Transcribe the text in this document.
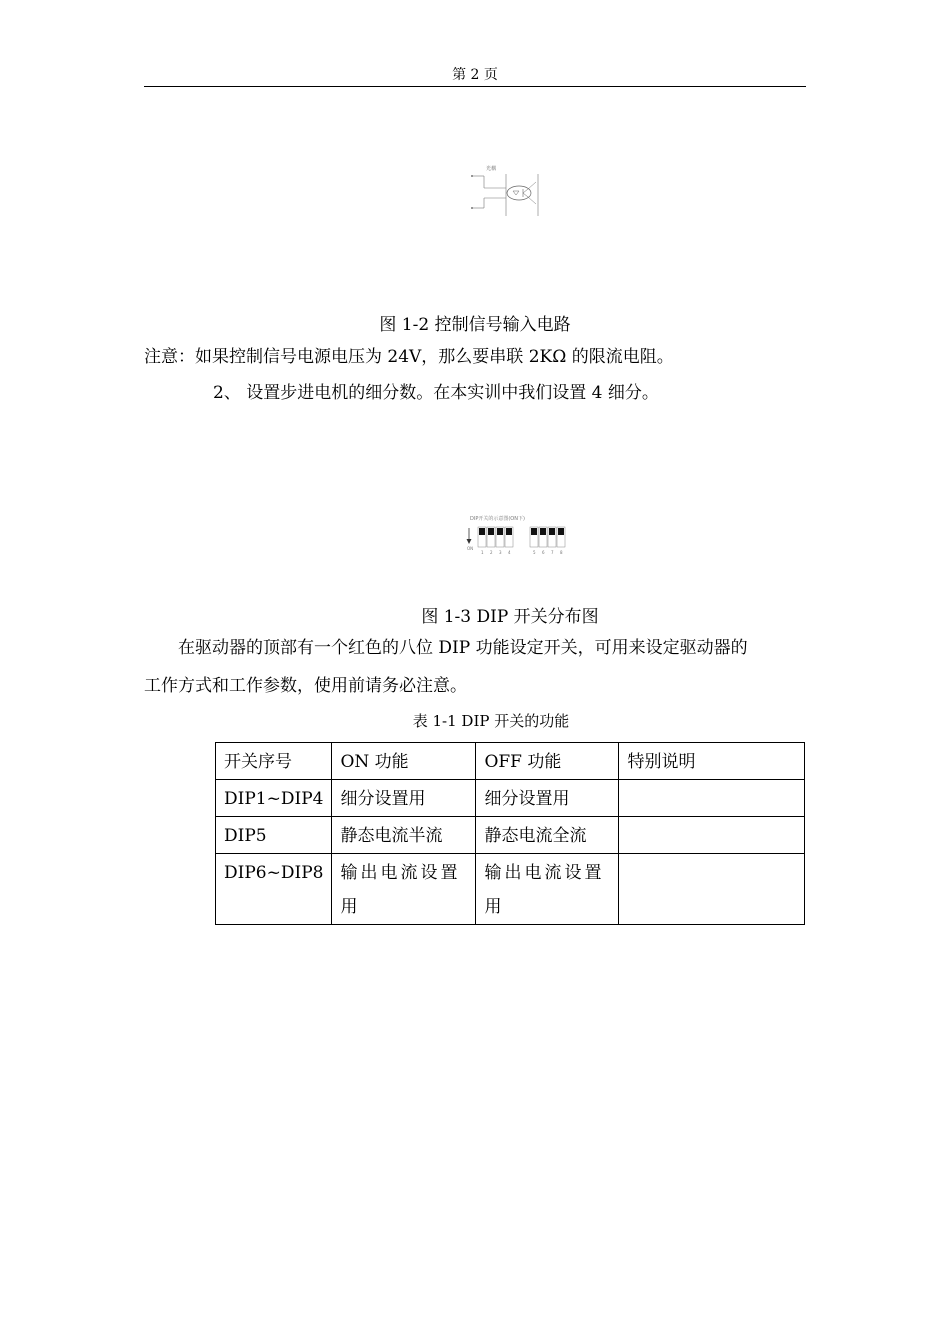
第 2 页
光耦
图 1-2 控制信号输入电路
注意：如果控制信号电源电压为 24V，那么要串联 2KΩ 的限流电阻。
2、 设置步进电机的细分数。在本实训中我们设置 4 细分。
DIP开关的示意图(ON下)
ON
1 2 3 4	5 6 7 8
图 1-3 DIP 开关分布图
在驱动器的顶部有一个红色的八位 DIP 功能设定开关，可用来设定驱动器的
工作方式和工作参数，使用前请务必注意。
表 1-1 DIP 开关的功能
开关序号	ON 功能	OFF 功能	特别说明
DIP1~DIP4	细分设置用	细分设置用	
DIP5	静态电流半流	静态电流全流	
DIP6~DIP8	输出电流设置用	输出电流设置用	
